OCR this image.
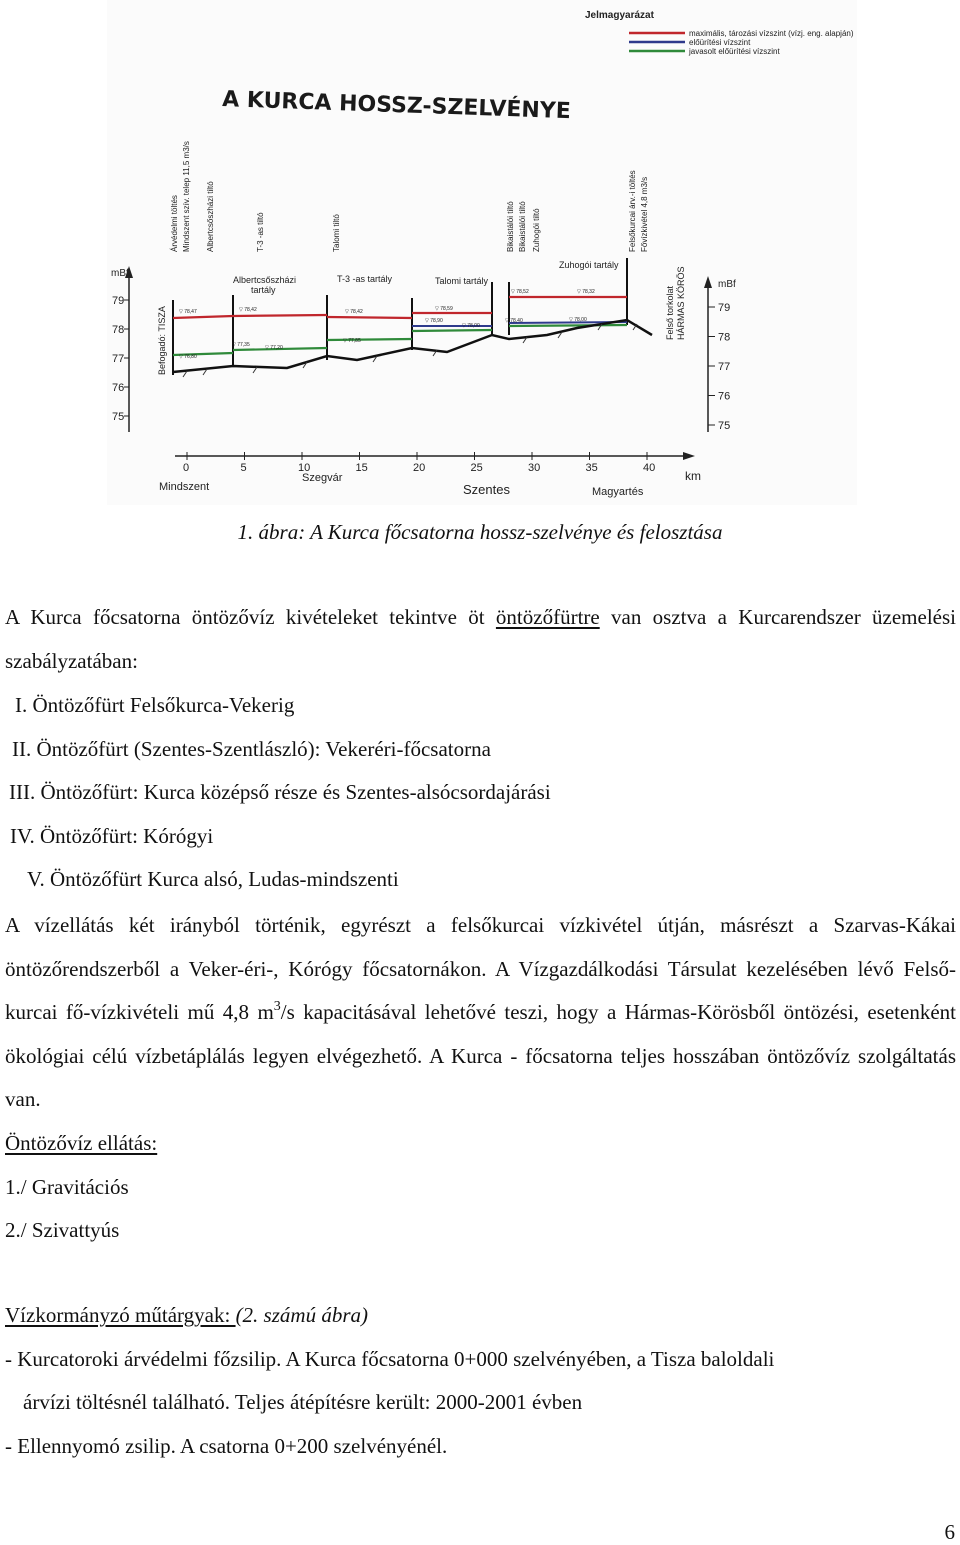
Jelmagyarázat
maximális, tározási vízszint (vízj. eng. alapján)
előürítési vízszint
javasolt előürítési vízszint
A KURCA HOSSZ-SZELVÉNYE
mBf
79
78
77
76
75
mBf
79
78
77
76
75
Befogadó: TISZA	Felső torkolat HÁRMAS KÖRÖS
Árvédelmi töltés Mindszent szív. telep 11,5 m3/s Albertcsőszházi tiltó	T-3 -as tiltó	Talomi tiltó	Bikaistálói tiltó Bikaistálói tiltó Zuhogói tiltó	Felsőkurcai árv.-i töltés Fővízkivétel 4,8 m3/s
Albertcsőszházi
tartály
T-3 -as tartály	Talomi tartály
Zuhogói tartály
▽ 78,47	▽ 78,42	▽ 78,42	▽ 78,59
▽ 78,52	▽ 78,32
▽ 78,90
▽ 78,00
▽ 76,80
▽ 77,35	▽ 77,20
▽ 77,85
▽ 78,40	▽ 78,00
km
0	5	10	15	20	25	30	35	40
Mindszent
Szegvár
Szentes	Magyartés
1. ábra: A Kurca főcsatorna hossz-szelvénye és felosztása

A Kurca főcsatorna öntözővíz kivételeket tekintve öt öntözőfürtre van osztva a Kurcarendszer üzemelési szabályzatában:

I. Öntözőfürt Felsőkurca-Vekerig
II. Öntözőfürt (Szentes-Szentlászló): Vekeréri-főcsatorna
III. Öntözőfürt: Kurca középső része és Szentes-alsócsordajárási
IV. Öntözőfürt: Kórógyi
V. Öntözőfürt Kurca alsó, Ludas-mindszenti

A vízellátás két irányból történik, egyrészt a felsőkurcai vízkivétel útján, másrészt a Szarvas-Kákai öntözőrendszerből a Veker-éri-, Kórógy főcsatornákon. A Vízgazdálkodási Társulat kezelésében lévő Felső-kurcai fő-vízkivételi mű 4,8 $m^3/s$ kapacitásával lehetővé teszi, hogy a Hármas-Körösből öntözési, esetenként ökológiai célú vízbetáplálás legyen elvégezhető. A Kurca - főcsatorna teljes hosszában öntözővíz szolgáltatás van.

Öntözővíz ellátás:
1./ Gravitációs
2./ Szivattyús
Vízkormányzó műtárgyak: (2. számú ábra)
- Kurcatoroki árvédelmi főzsilip. A Kurca főcsatorna 0+000 szelvényében, a Tisza baloldali
árvízi töltésnél található. Teljes átépítésre került: 2000-2001 évben
- Ellennyomó zsilip. A csatorna 0+200 szelvényénél.
6
